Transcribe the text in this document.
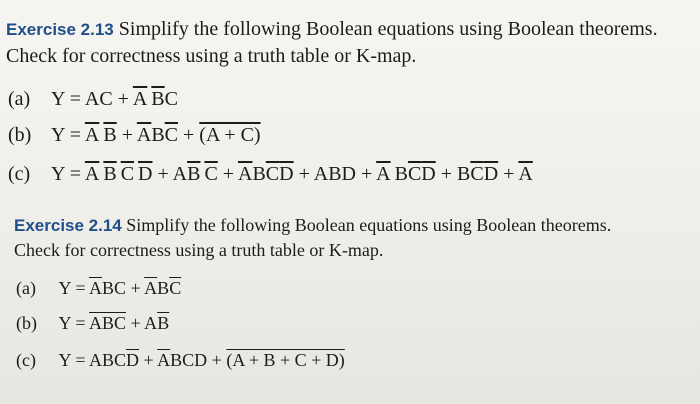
Exercise 2.13 Simplify the following Boolean equations using Boolean theorems.
Check for correctness using a truth table or K-map.
(a) Y = AC + $\overline{A}$ $\overline{B}C$
(b) $Y = \overline{A}$ $\overline{B} + \overline{A}B\overline{C} + (A + C)$
(c) $Y = \overline{A}$ $\overline{B}$ $\overline{C}$ $\overline{D} + A\overline{B}$ $\overline{C} + \overline{A}B\overline{C}\overline{D}$ + ABD + $\overline{A}$ $B\overline{C}\overline{D} + B\overline{C}\overline{D} + \overline{A}$
Exercise 2.14 Simplify the following Boolean equations using Boolean theorems.
Check for correctness using a truth table or K-map.
(a) $Y = \overline{A}BC + \overline{A}B\overline{C}$
(b) $Y = \overline{ABC} + A\overline{B}$
(c) $Y = ABC\overline{D} + \overline{A}BCD + (A + B + C + D)$
